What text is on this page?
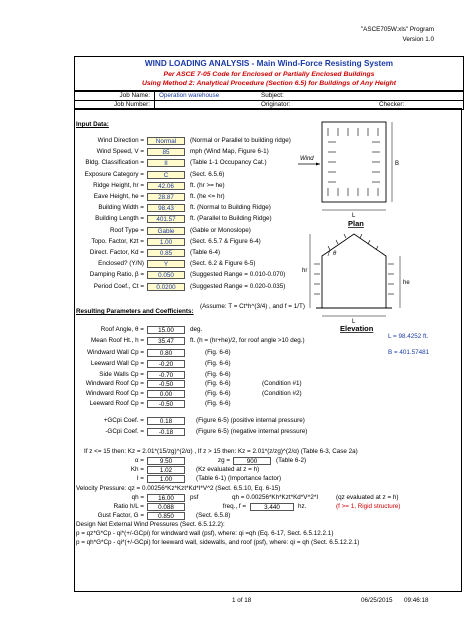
"ASCE705W.xls" Program
Version 1.0
WIND LOADING ANALYSIS - Main Wind-Force Resisting System
Per ASCE 7-05 Code for Enclosed or Partially Enclosed Buildings
Using Method 2: Analytical Procedure (Section 6.5) for Buildings of Any Height
Job Name: Operation warehouse	Subject:
Job Number:	Originator:	Checker:
Input Data:
Wind Direction =	Normal	(Normal or Parallel to building ridge)
Wind Speed, V =	85	mph (Wind Map, Figure 6-1)
Bldg. Classification =	II	(Table 1-1 Occupancy Cat.)
Exposure Category =	C	(Sect. 6.5.6)
Ridge Height, hr =	42.06	ft. (hr >= he)
Eave Height, he =	28.87	ft. (he <= hr)
Building Width =	98.43	ft. (Normal to Building Ridge)
Building Length =	401.57	ft. (Parallel to Building Ridge)
Roof Type =	Gable	(Gable or Monoslope)
Topo. Factor, Kzt =	1.00	(Sect. 6.5.7 & Figure 6-4)
Direct. Factor, Kd =	0.85	(Table 6-4)
Enclosed? (Y/N)	Y	(Sect. 6.2 & Figure 6-5)
Damping Ratio, β =	0.050	(Suggested Range = 0.010-0.070)
Period Coef., Ct =	0.0200	(Suggested Range = 0.020-0.035)
(Assume: T = Ct*h^(3/4) , and f = 1/T)
Resulting Parameters and Coefficients:
Roof Angle, θ =	15.00	deg.
Mean Roof Ht., h =	35.47	ft. (h = (hr+he)/2, for roof angle >10 deg.)
Windward Wall Cp =	0.80	(Fig. 6-6)
Leeward Wall Cp =	-0.20	(Fig. 6-6)
Side Walls Cp =	-0.70	(Fig. 6-6)
Windward Roof Cp =	-0.50	(Fig. 6-6)	(Condition #1)
Windward Roof Cp =	0.00	(Fig. 6-6)	(Condition #2)
Leeward Roof Cp =	-0.50	(Fig. 6-6)
+GCpi Coef. =	0.18	(Figure 6-5) (positive internal pressure)
-GCpi Coef. =	-0.18	(Figure 6-5) (negative internal pressure)
If z <= 15 then: Kz = 2.01*(15/zg)^(2/α) , If z > 15 then: Kz = 2.01*(z/zg)^(2/α) (Table 6-3, Case 2a)
α =	9.50	zg =	900	(Table 6-2)
Kh =	1.02	(Kz evaluated at z = h)
I =	1.00	(Table 6-1) (Importance factor)
Velocity Pressure: qz = 0.00256*Kz*Kzt*Kd*I*V^2 (Sect. 6.5.10, Eq. 6-15)
qh =	16.00	psf	qh = 0.00256*Kh*Kzt*Kd*V^2*I	(qz evaluated at z = h)
Ratio h/L =	0.088	freq., f =	3.440	hz.	(f >= 1, Rigid structure)
Gust Factor, G =	0.850	(Sect. 6.5.8)
Design Net External Wind Pressures (Sect. 6.5.12.2):
p = qz*G*Cp - qi*(+/-GCpi) for windward wall (psf), where: qi =qh (Eq. 6-17, Sect. 6.5.12.2.1)
p = qh*G*Cp - qi*(+/-GCpi) for leeward wall, sidewalls, and roof (psf), where: qi = qh (Sect. 6.5.12.2.1)
Wind
B
L
Plan
θ
hr
he
L
Elevation
L = 98.4252 ft.
B = 401.57481
1 of 18	06/25/2015 09:46:18
